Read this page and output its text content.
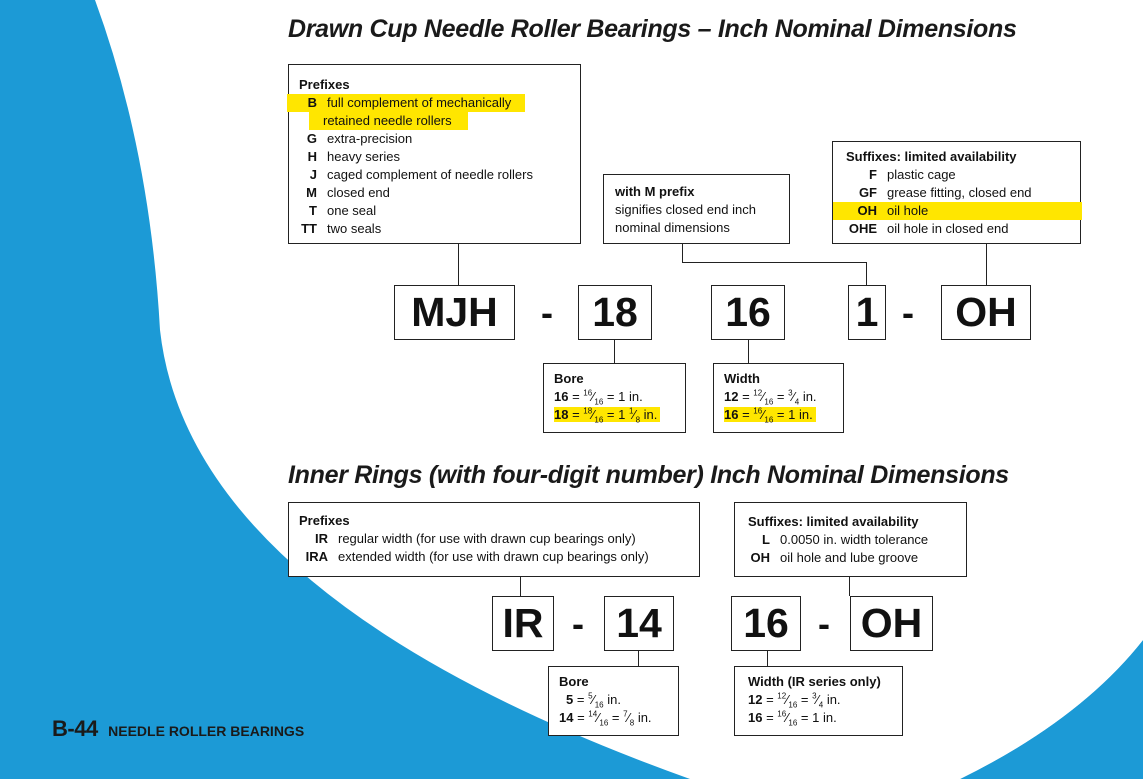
Drawn Cup Needle Roller Bearings – Inch Nominal Dimensions
Prefixes
B full complement of mechanically
retained needle rollers
G extra-precision
H heavy series
J caged complement of needle rollers
M closed end
T one seal
TT two seals
with M prefix
signifies closed end inch
nominal dimensions
Suffixes: limited availability
F plastic cage
GF grease fitting, closed end
OH oil hole
OHE oil hole in closed end
MJH	- 18	16	1 -	OH
Bore
$16 = ^{16}⁄_{16} = 1$ in.
$18 = ^{18}⁄_{16} = 1$ $^1⁄_8$ in.
Width
$12 = ^{12}⁄_{16}$ = $^3⁄_4$ in.
$16 = ^{16}⁄_{16} = 1$ in.
Inner Rings (with four-digit number) Inch Nominal Dimensions
Prefixes
IR regular width (for use with drawn cup bearings only)
IRA extended width (for use with drawn cup bearings only)
Suffixes: limited availability
L 0.0050 in. width tolerance
OH oil hole and lube groove
IR - 14 16 - OH
Bore
$5 = ^5⁄_{16}$ in.
$14 = ^{14}⁄_{16}$ = $^7⁄_8$ in.
Width (IR series only)
$12 = ^{12}⁄_{16}$ = $^3⁄_4$ in.
$16 = ^{16}⁄_{16} = 1$ in.
B-44 NEEDLE ROLLER BEARINGS
